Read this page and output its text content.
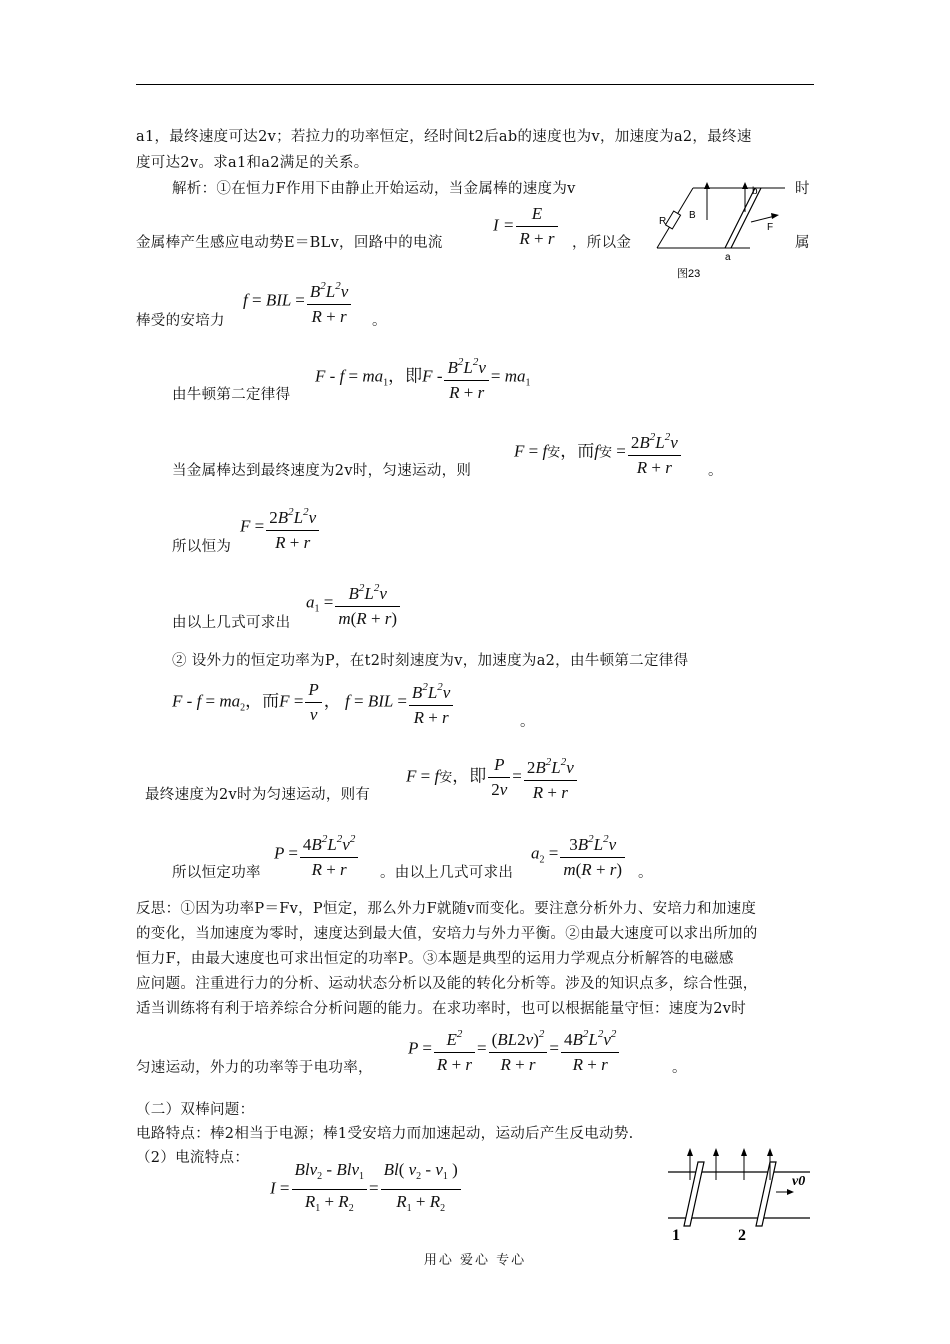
a1，最终速度可达2v；若拉力的功率恒定，经时间t2后ab的速度也为v，加速度为a2，最终速
度可达2v。求a1和a2满足的关系。
解析：①在恒力F作用下由静止开始运动，当金属棒的速度为v	时
金属棒产生感应电动势E＝BLv，回路中的电流	，所以金	属
$I = \frac{E}{R + r}$	R
B
b
F
a
图23
棒受的安培力
f = BIL = $\frac{B^2L^2v}{R + r}$ 。
由牛顿第二定律得
$F - f = ma_1$，即$F - \frac{B^2L^2v}{R + r} = ma_1$
当金属棒达到最终速度为2v时，匀速运动，则
F = f安，而f安 = $\frac{2B^2L^2v}{R + r}$ 。
所以恒为
$F = \frac{2B^2L^2v}{R + r}$
由以上几式可求出
$a_1 = \frac{B^2L^2v}{m(R + r)}$
② 设外力的恒定功率为P，在t2时刻速度为v，加速度为a2，由牛顿第二定律得
$F - f = ma_2$，而$F = \frac{P}{v}$ ， f = BIL = $\frac{B^2L^2v}{R + r}$	。
最终速度为2v时为匀速运动，则有
F = f安，即 $\frac{P}{2v} = \frac{2B^2L^2v}{R + r}$
所以恒定功率
$P = \frac{4B^2L^2v^2}{R + r}$ 。由以上几式可求出
$a_2 = \frac{3B^2L^2v}{m(R + r)}$ 。
反思：①因为功率P＝Fv，P恒定，那么外力F就随v而变化。要注意分析外力、安培力和加速度
的变化，当加速度为零时，速度达到最大值，安培力与外力平衡。②由最大速度可以求出所加的
恒力F，由最大速度也可求出恒定的功率P。③本题是典型的运用力学观点分析解答的电磁感
应问题。注重进行力的分析、运动状态分析以及能的转化分析等。涉及的知识点多，综合性强，
适当训练将有利于培养综合分析问题的能力。在求功率时，也可以根据能量守恒：速度为2v时
匀速运动，外力的功率等于电功率，
$P = \frac{E^2}{R + r} = \frac{(BL2v)^2}{R + r} = \frac{4B^2L^2v^2}{R + r}$	。
（二）双棒问题：
电路特点：棒2相当于电源；棒1受安培力而加速起动，运动后产生反电动势.
（2）电流特点：
$I = \frac{Blv_2 - Blv_1}{R_1 + R_2} = \frac{Bl( v_2 - v_1 )}{R_1 + R_2}$	v0
1	2
用心 爱心 专心
